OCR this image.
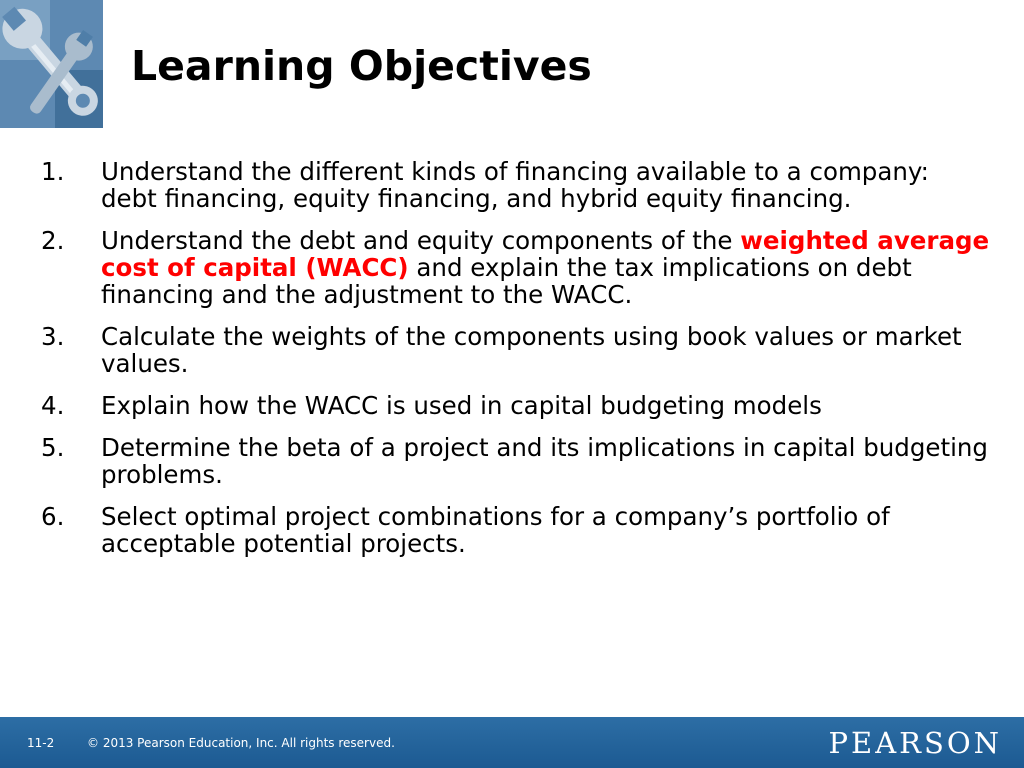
Learning Objectives
1.	Understand the different kinds of financing available to a company: debt financing, equity financing, and hybrid equity financing.
2.	Understand the debt and equity components of the weighted average cost of capital (WACC) and explain the tax implications on debt financing and the adjustment to the WACC.
3.	Calculate the weights of the components using book values or market values.
4.	Explain how the WACC is used in capital budgeting models
5.	Determine the beta of a project and its implications in capital budgeting problems.
6.	Select optimal project combinations for a company’s portfolio of acceptable potential projects.
11-2	© 2013 Pearson Education, Inc. All rights reserved.	PEARSON
